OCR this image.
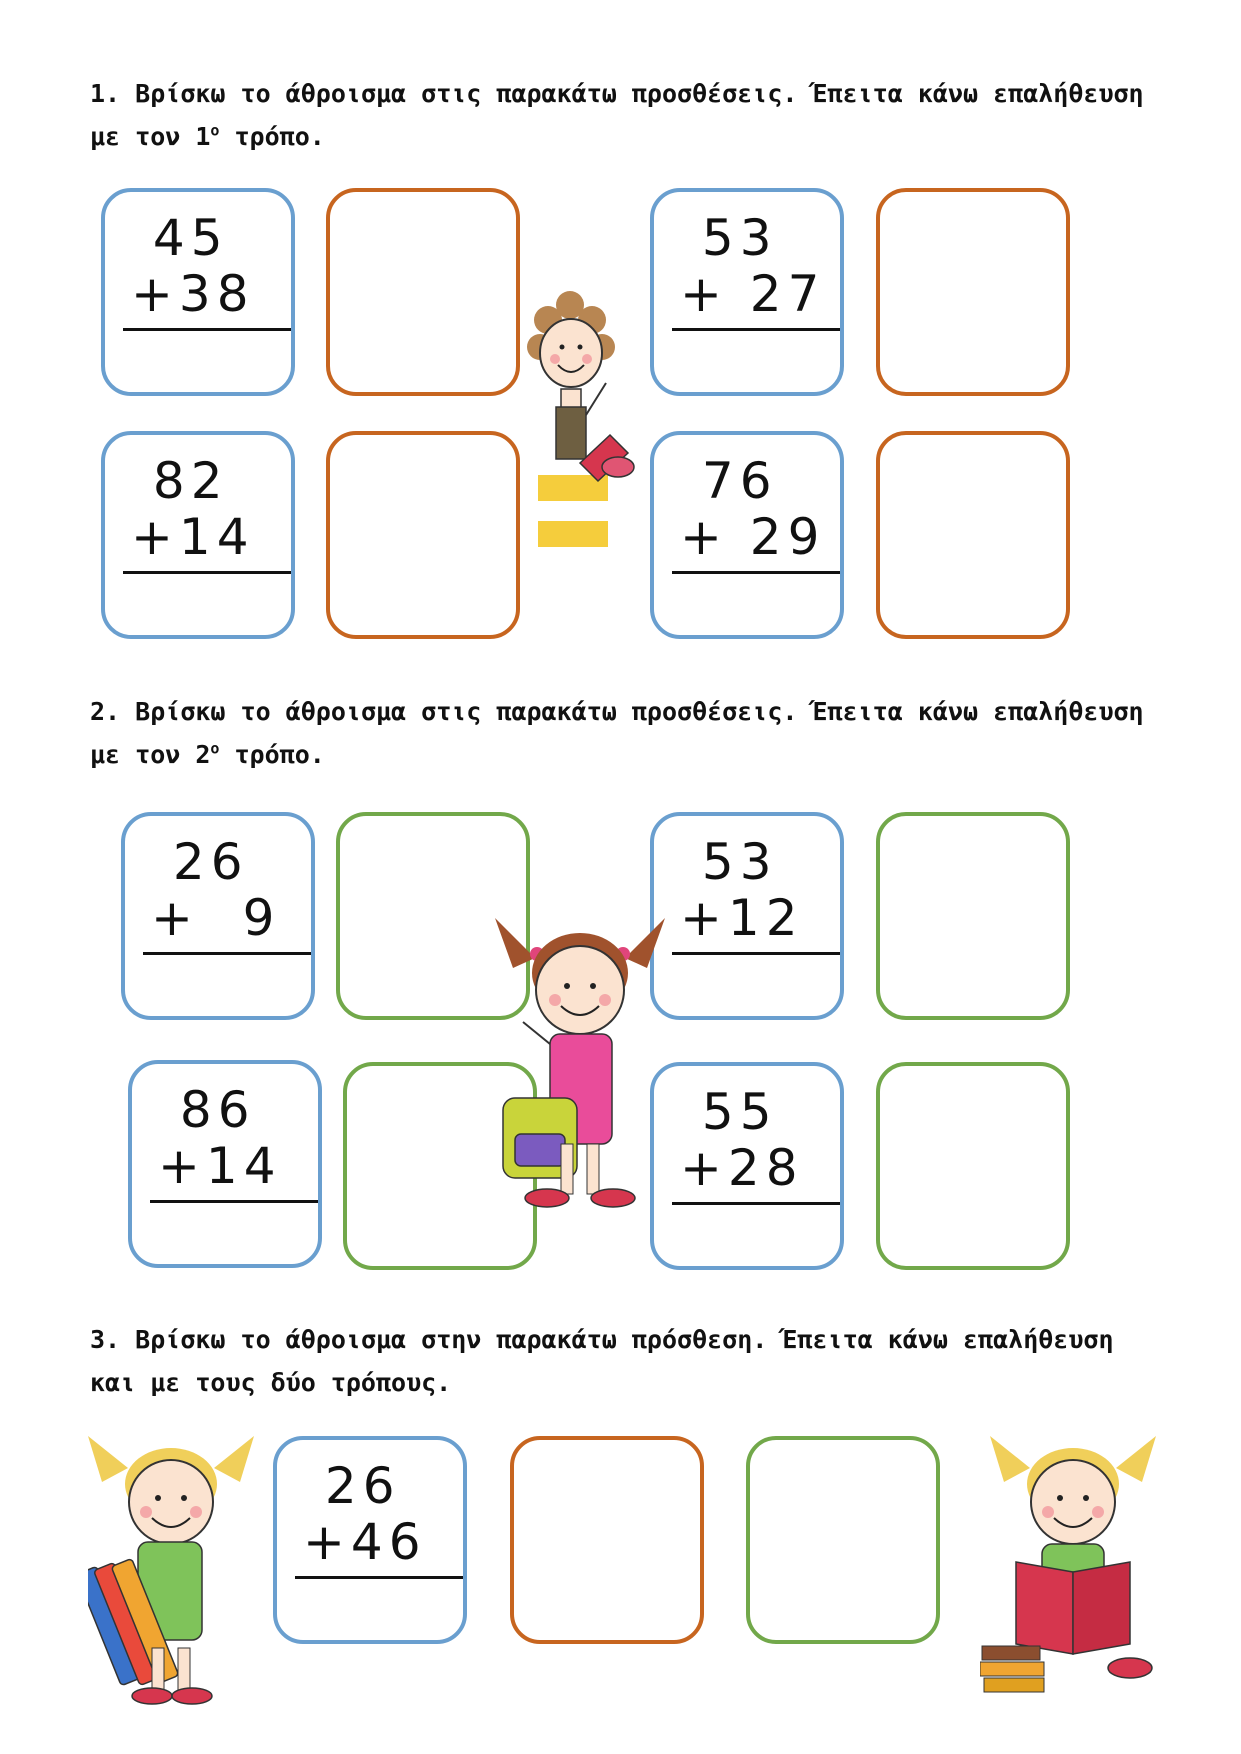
1. Βρίσκω το άθροισμα στις παρακάτω προσθέσεις. Έπειτα κάνω επαλήθευση
με τον $1^o$ τρόπο.

45
+38
53
+ 27
82
+14
76
+ 29

2. Βρίσκω το άθροισμα στις παρακάτω προσθέσεις. Έπειτα κάνω επαλήθευση
με τον $2^o$ τρόπο.

26
+  9
53
+12
86
+14
55
+28

3. Βρίσκω το άθροισμα στην παρακάτω πρόσθεση. Έπειτα κάνω επαλήθευση
και με τους δύο τρόπους.

26
+46
